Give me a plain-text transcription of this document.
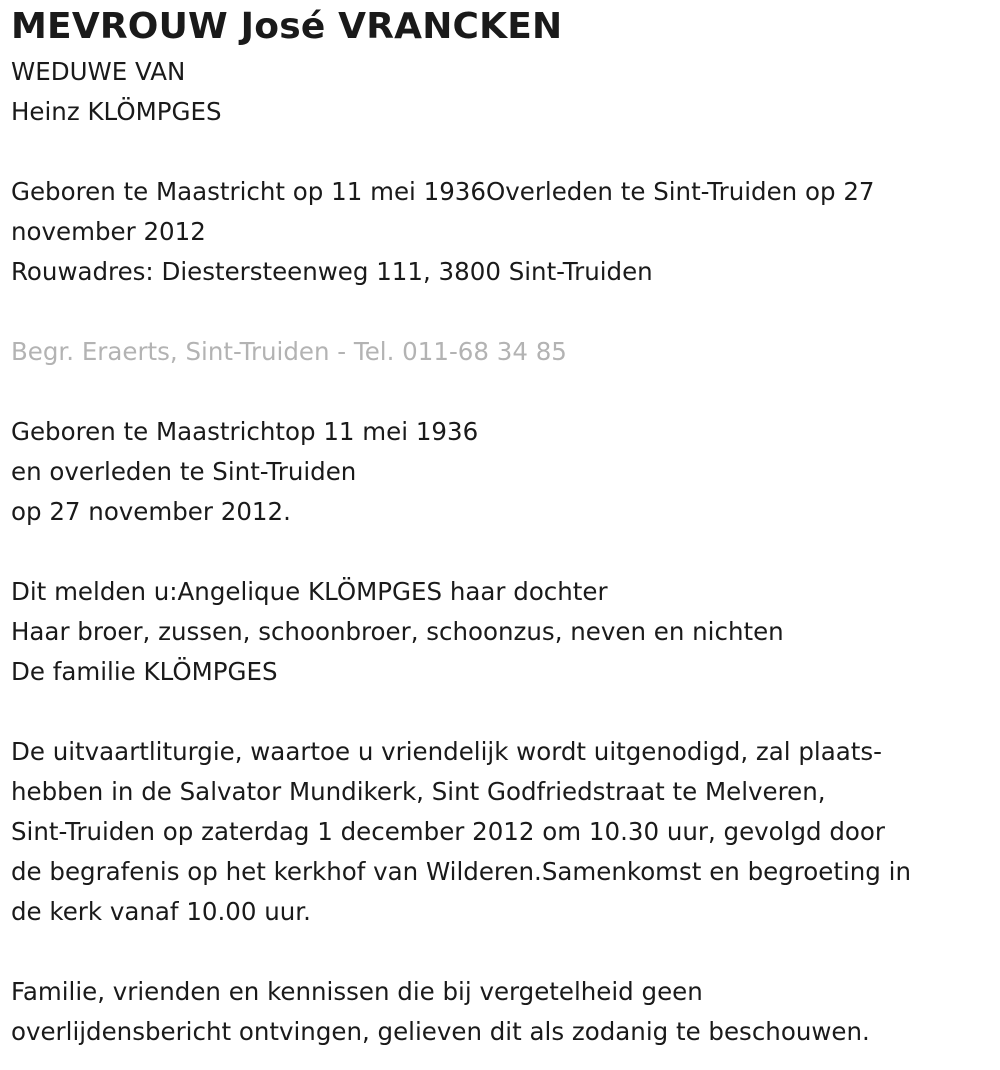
MEVROUW José VRANCKEN

WEDUWE VAN

Heinz KLÖMPGES

Geboren te Maastricht op 11 mei 1936Overleden te Sint-Truiden op 27

november 2012

Rouwadres: Diestersteenweg 111, 3800 Sint-Truiden

Begr. Eraerts, Sint-Truiden - Tel. 011-68 34 85

Geboren te Maastrichtop 11 mei 1936

en overleden te Sint-Truiden

op 27 november 2012.

Dit melden u:Angelique KLÖMPGES haar dochter

Haar broer, zussen, schoonbroer, schoonzus, neven en nichten

De familie KLÖMPGES

De uitvaartliturgie, waartoe u vriendelijk wordt uitgenodigd, zal plaats-

hebben in de Salvator Mundikerk, Sint Godfriedstraat te Melveren,

Sint-Truiden op zaterdag 1 december 2012 om 10.30 uur, gevolgd door

de begrafenis op het kerkhof van Wilderen.Samenkomst en begroeting in

de kerk vanaf 10.00 uur.

Familie, vrienden en kennissen die bij vergetelheid geen

overlijdensbericht ontvingen, gelieven dit als zodanig te beschouwen.
